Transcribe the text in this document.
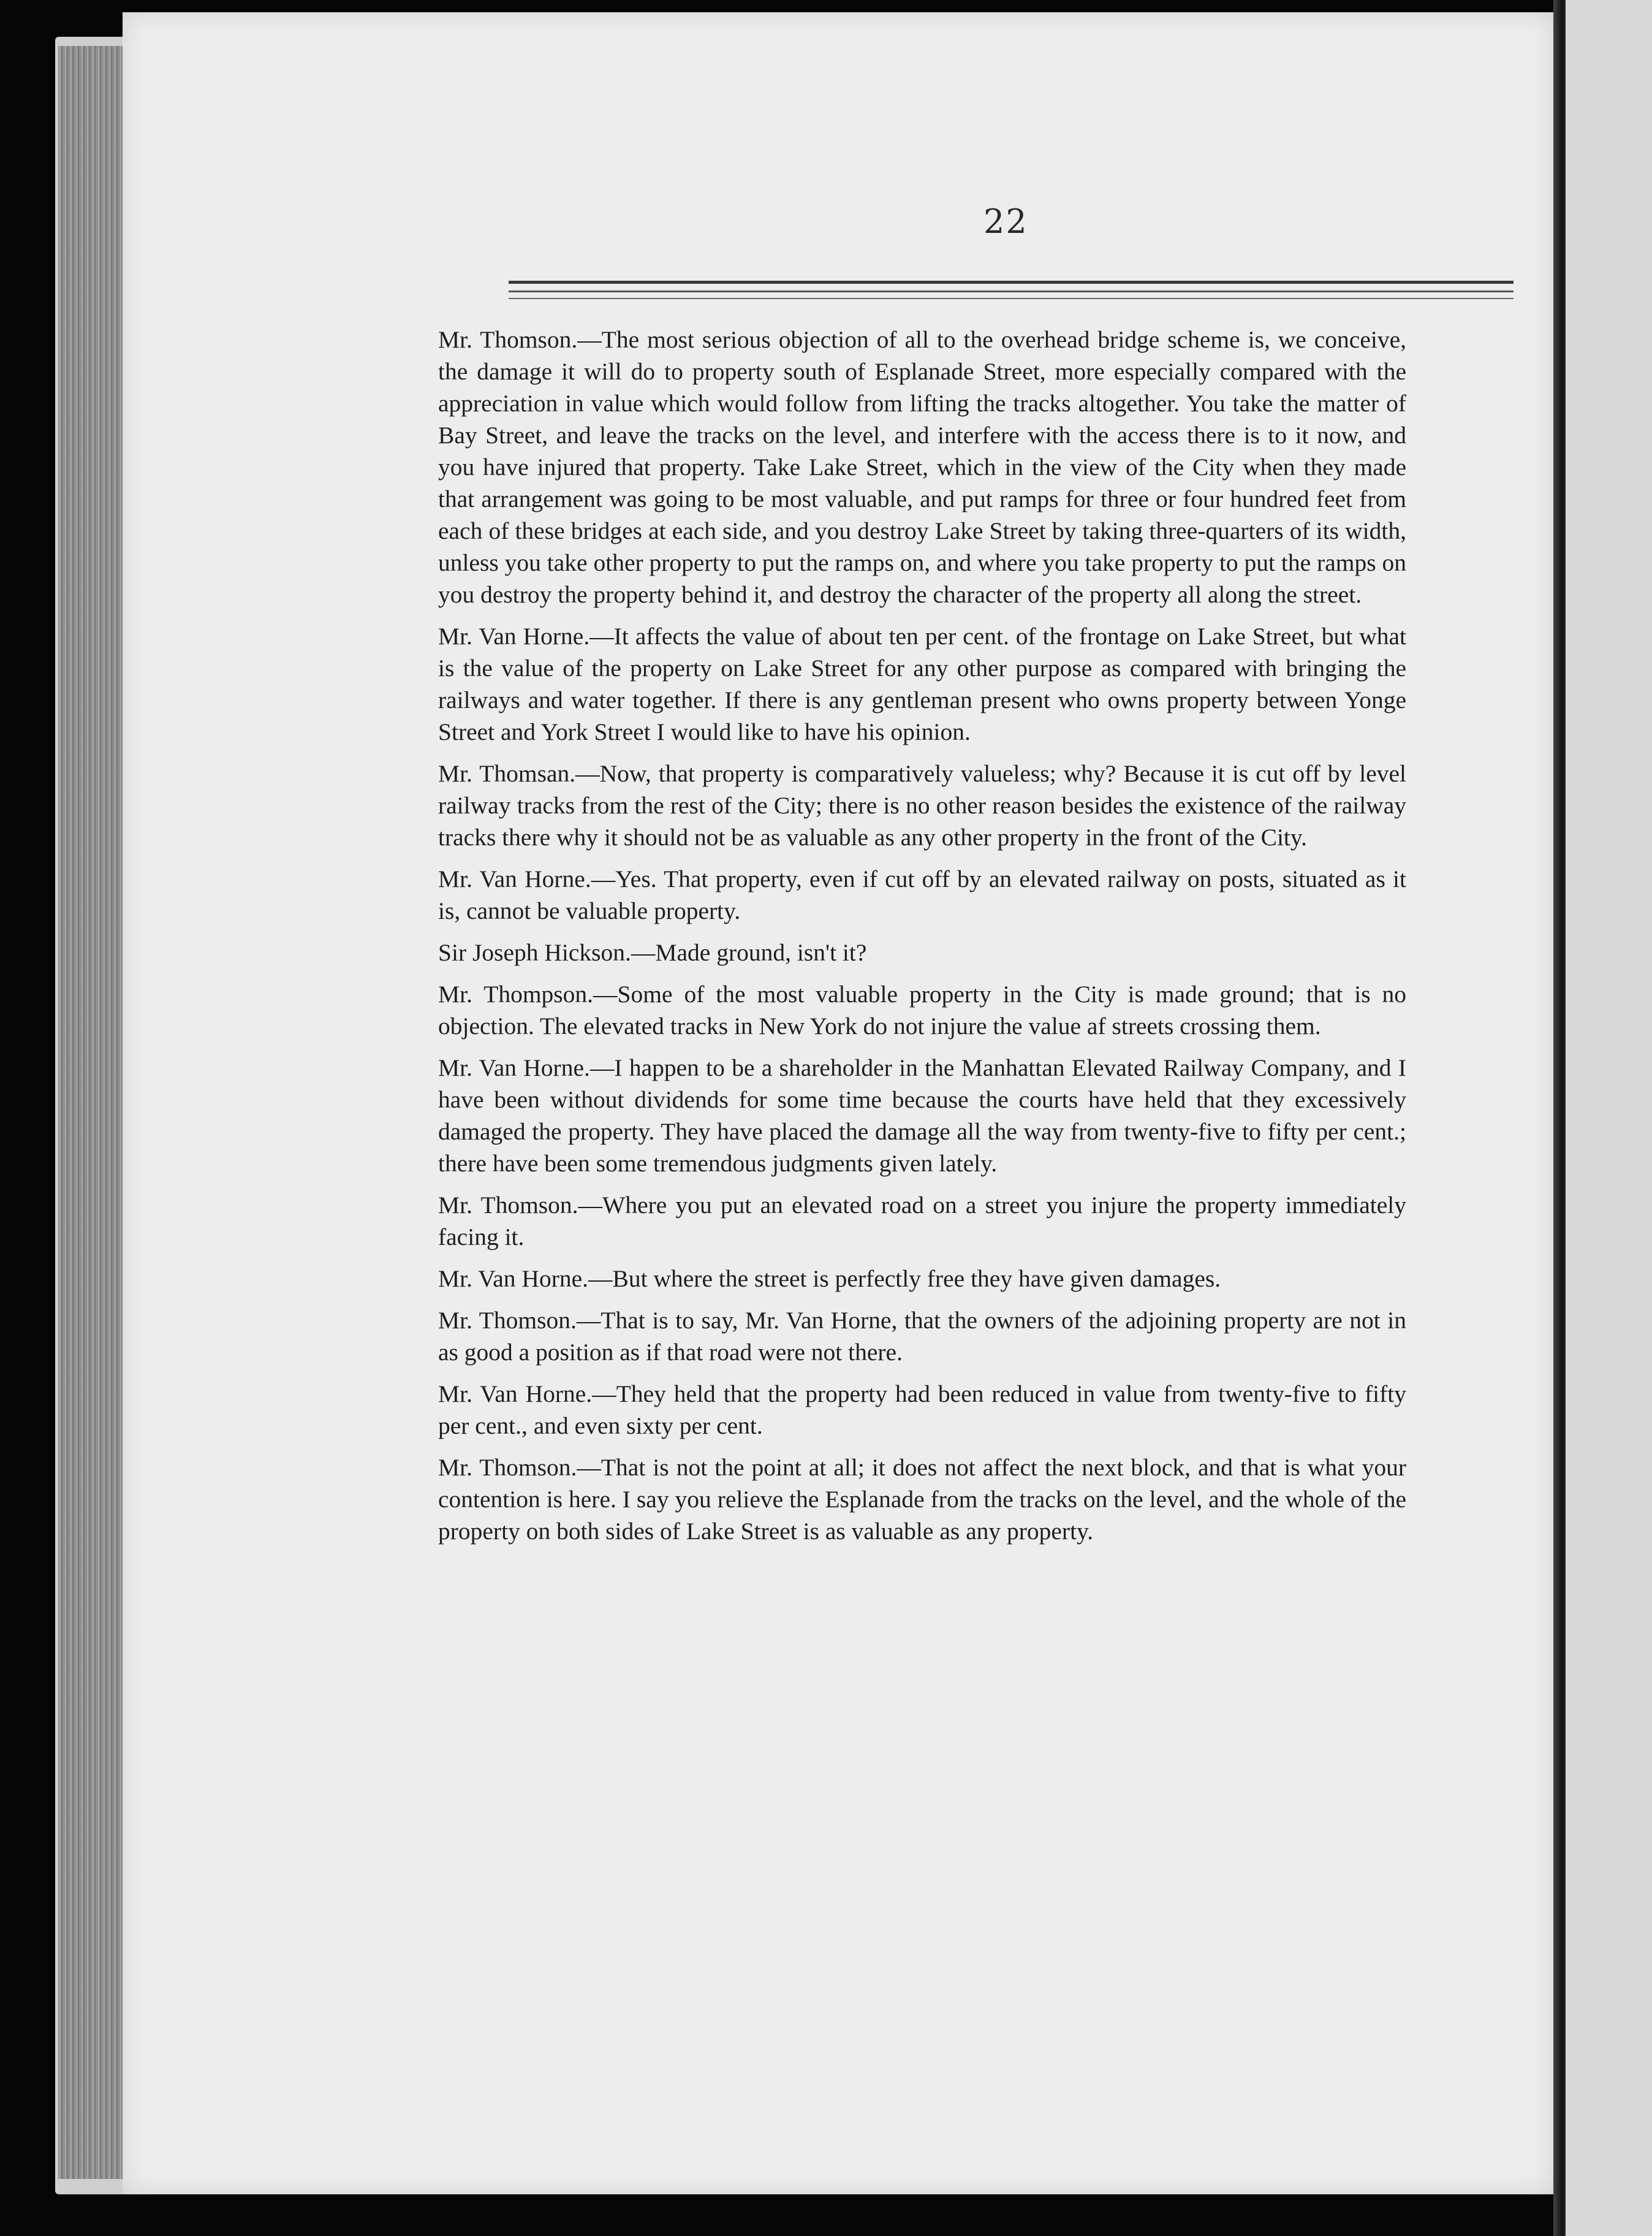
22

Mr. Thomson.—The most serious objection of all to the overhead bridge scheme is, we conceive, the damage it will do to property south of Esplanade Street, more especially compared with the appreciation in value which would follow from lifting the tracks altogether. You take the matter of Bay Street, and leave the tracks on the level, and interfere with the access there is to it now, and you have injured that property. Take Lake Street, which in the view of the City when they made that arrangement was going to be most valuable, and put ramps for three or four hundred feet from each of these bridges at each side, and you destroy Lake Street by taking three-quarters of its width, unless you take other property to put the ramps on, and where you take property to put the ramps on you destroy the property behind it, and destroy the character of the property all along the street.

Mr. Van Horne.—It affects the value of about ten per cent. of the frontage on Lake Street, but what is the value of the property on Lake Street for any other purpose as compared with bringing the railways and water together. If there is any gentleman present who owns property between Yonge Street and York Street I would like to have his opinion.

Mr. Thomsan.—Now, that property is comparatively valueless; why? Because it is cut off by level railway tracks from the rest of the City; there is no other reason besides the existence of the railway tracks there why it should not be as valuable as any other property in the front of the City.

Mr. Van Horne.—Yes. That property, even if cut off by an elevated railway on posts, situated as it is, cannot be valuable property.

Sir Joseph Hickson.—Made ground, isn't it?

Mr. Thompson.—Some of the most valuable property in the City is made ground; that is no objection. The elevated tracks in New York do not injure the value af streets crossing them.

Mr. Van Horne.—I happen to be a shareholder in the Manhattan Elevated Railway Company, and I have been without dividends for some time because the courts have held that they excessively damaged the property. They have placed the damage all the way from twenty-five to fifty per cent.; there have been some tremendous judgments given lately.

Mr. Thomson.—Where you put an elevated road on a street you injure the property immediately facing it.

Mr. Van Horne.—But where the street is perfectly free they have given damages.

Mr. Thomson.—That is to say, Mr. Van Horne, that the owners of the adjoining property are not in as good a position as if that road were not there.

Mr. Van Horne.—They held that the property had been reduced in value from twenty-five to fifty per cent., and even sixty per cent.

Mr. Thomson.—That is not the point at all; it does not affect the next block, and that is what your contention is here. I say you relieve the Esplanade from the tracks on the level, and the whole of the property on both sides of Lake Street is as valuable as any property.
